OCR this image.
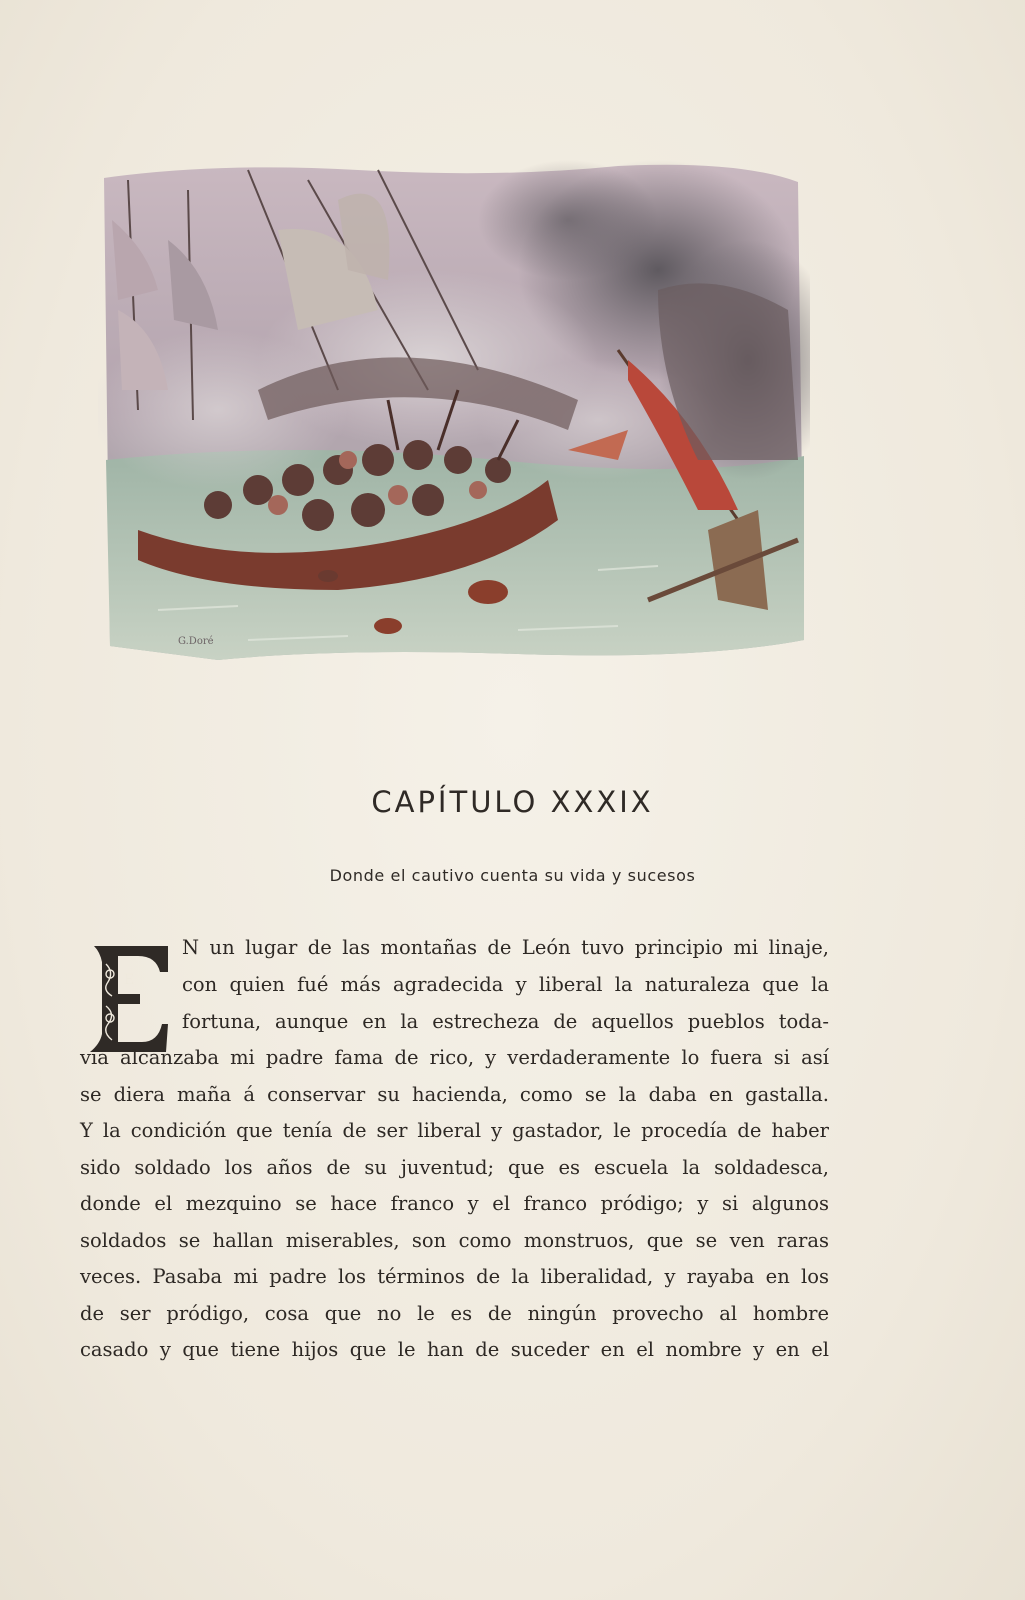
G.Doré
CAPÍTULO XXXIX
Donde el cautivo cuenta su vida y sucesos
E
N un lugar de las montañas de León tuvo principio mi linaje,
con quien fué más agradecida y liberal la naturaleza que la
fortuna, aunque en la estrecheza de aquellos pueblos toda-
vía alcanzaba mi padre fama de rico, y verdaderamente lo fuera si así
se diera maña á conservar su hacienda, como se la daba en gastalla.
Y la condición que tenía de ser liberal y gastador, le procedía de haber
sido soldado los años de su juventud; que es escuela la soldadesca,
donde el mezquino se hace franco y el franco pródigo; y si algunos
soldados se hallan miserables, son como monstruos, que se ven raras
veces. Pasaba mi padre los términos de la liberalidad, y rayaba en los
de ser pródigo, cosa que no le es de ningún provecho al hombre
casado y que tiene hijos que le han de suceder en el nombre y en el
